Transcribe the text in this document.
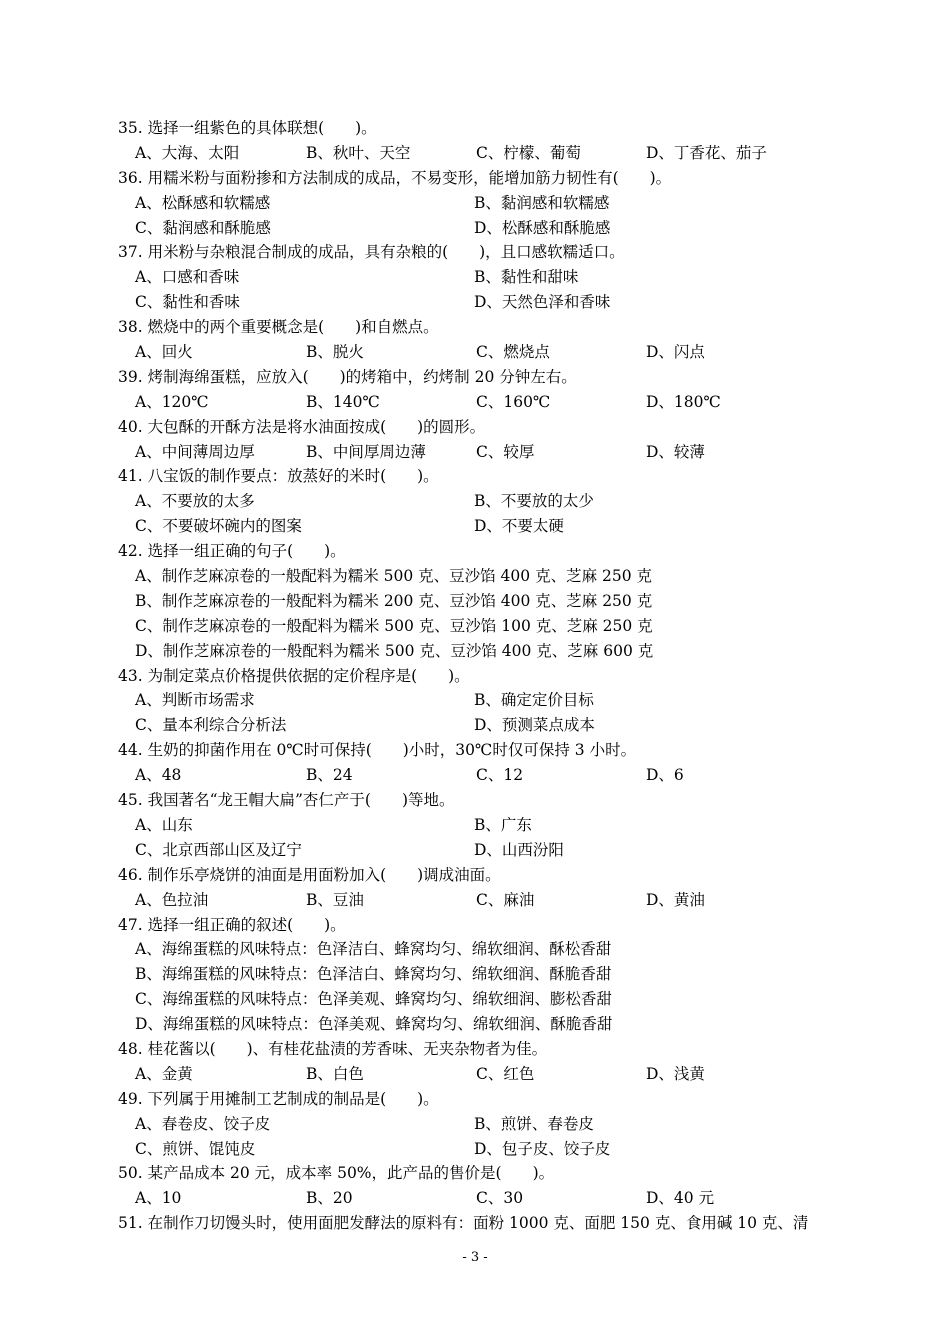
35. 选择一组紫色的具体联想(　　)。
A、大海、太阳	B、秋叶、天空	C、柠檬、葡萄	D、丁香花、茄子
36. 用糯米粉与面粉掺和方法制成的成品，不易变形，能增加筋力韧性有(　　)。
A、松酥感和软糯感	B、黏润感和软糯感
C、黏润感和酥脆感	D、松酥感和酥脆感
37. 用米粉与杂粮混合制成的成品，具有杂粮的(　　)，且口感软糯适口。
A、口感和香味	B、黏性和甜味
C、黏性和香味	D、天然色泽和香味
38. 燃烧中的两个重要概念是(　　)和自燃点。
A、回火	B、脱火	C、燃烧点	D、闪点
39. 烤制海绵蛋糕，应放入(　　)的烤箱中，约烤制 20 分钟左右。
A、120℃	B、140℃	C、160℃	D、180℃
40. 大包酥的开酥方法是将水油面按成(　　)的圆形。
A、中间薄周边厚	B、中间厚周边薄	C、较厚	D、较薄
41. 八宝饭的制作要点：放蒸好的米时(　　)。
A、不要放的太多	B、不要放的太少
C、不要破坏碗内的图案	D、不要太硬
42. 选择一组正确的句子(　　)。
A、制作芝麻凉卷的一般配料为糯米 500 克、豆沙馅 400 克、芝麻 250 克
B、制作芝麻凉卷的一般配料为糯米 200 克、豆沙馅 400 克、芝麻 250 克
C、制作芝麻凉卷的一般配料为糯米 500 克、豆沙馅 100 克、芝麻 250 克
D、制作芝麻凉卷的一般配料为糯米 500 克、豆沙馅 400 克、芝麻 600 克
43. 为制定菜点价格提供依据的定价程序是(　　)。
A、判断市场需求	B、确定定价目标
C、量本利综合分析法	D、预测菜点成本
44. 生奶的抑菌作用在 0℃时可保持(　　)小时，30℃时仅可保持 3 小时。
A、48	B、24	C、12	D、6
45. 我国著名“龙王帽大扁”杏仁产于(　　)等地。
A、山东	B、广东
C、北京西部山区及辽宁	D、山西汾阳
46. 制作乐亭烧饼的油面是用面粉加入(　　)调成油面。
A、色拉油	B、豆油	C、麻油	D、黄油
47. 选择一组正确的叙述(　　)。
A、海绵蛋糕的风味特点：色泽洁白、蜂窝均匀、绵软细润、酥松香甜
B、海绵蛋糕的风味特点：色泽洁白、蜂窝均匀、绵软细润、酥脆香甜
C、海绵蛋糕的风味特点：色泽美观、蜂窝均匀、绵软细润、膨松香甜
D、海绵蛋糕的风味特点：色泽美观、蜂窝均匀、绵软细润、酥脆香甜
48. 桂花酱以(　　)、有桂花盐渍的芳香味、无夹杂物者为佳。
A、金黄	B、白色	C、红色	D、浅黄
49. 下列属于用摊制工艺制成的制品是(　　)。
A、春卷皮、饺子皮	B、煎饼、春卷皮
C、煎饼、馄饨皮	D、包子皮、饺子皮
50. 某产品成本 20 元，成本率 50%，此产品的售价是(　　)。
A、10	B、20	C、30	D、40 元
51. 在制作刀切馒头时，使用面肥发酵法的原料有：面粉 1000 克、面肥 150 克、食用碱 10 克、清
- 3 -
